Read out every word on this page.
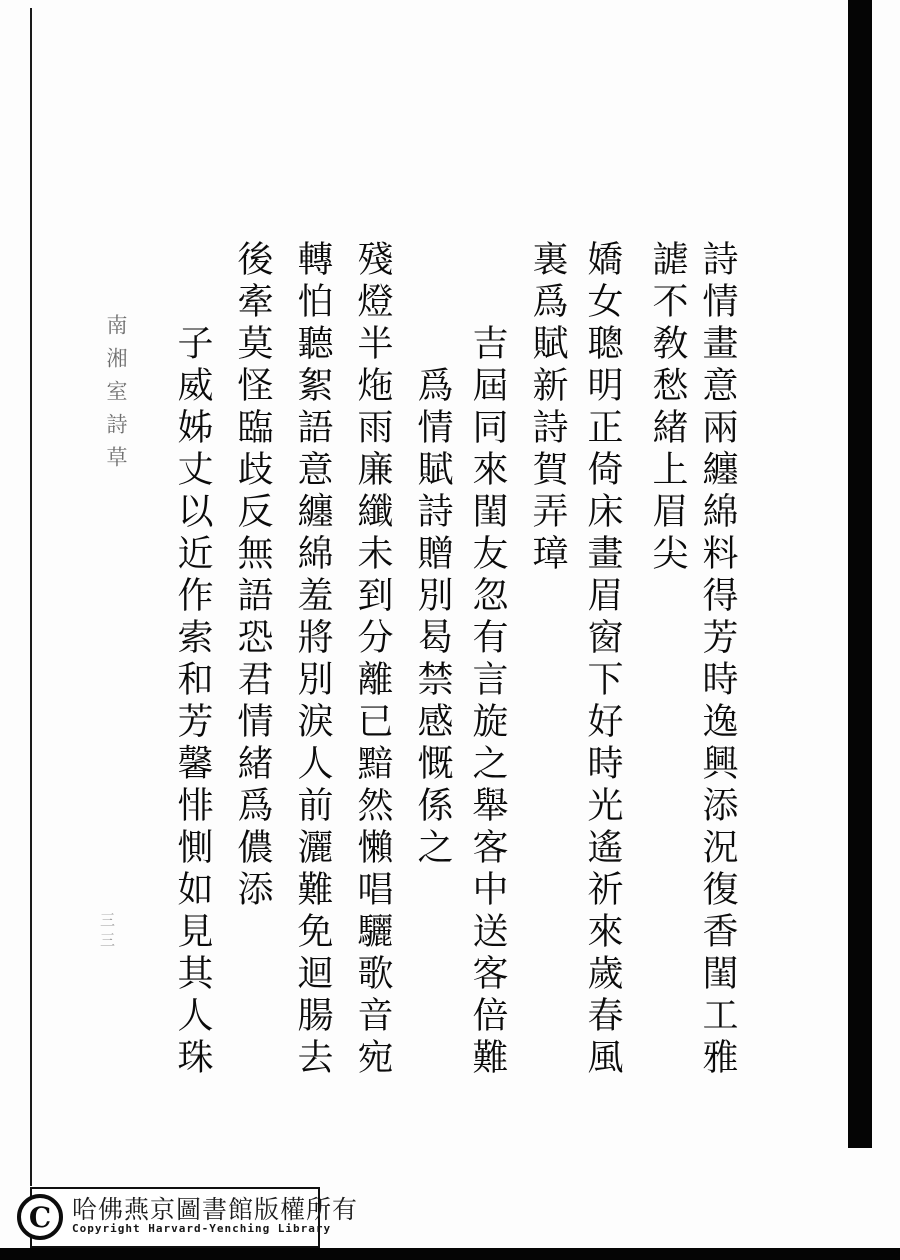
詩情畫意兩纏綿料得芳時逸興添況復香閨工雅
謔不敎愁緒上眉尖
嬌女聰明正倚床畫眉窗下好時光遙祈來歲春風
裏爲賦新詩賀弄璋
吉屆同來閨友忽有言旋之舉客中送客倍難
爲情賦詩贈別曷禁感慨係之
殘燈半炧雨廉纖未到分離已黯然懶唱驪歌音宛
轉怕聽絮語意纏綿羞將別淚人前灑難免迴腸去
後牽莫怪臨歧反無語恐君情緒爲儂添
子威姊丈以近作索和芳馨悱惻如見其人珠
南湘室詩草
三三
C 哈佛燕京圖書館版權所有
Copyright Harvard-Yenching Library
